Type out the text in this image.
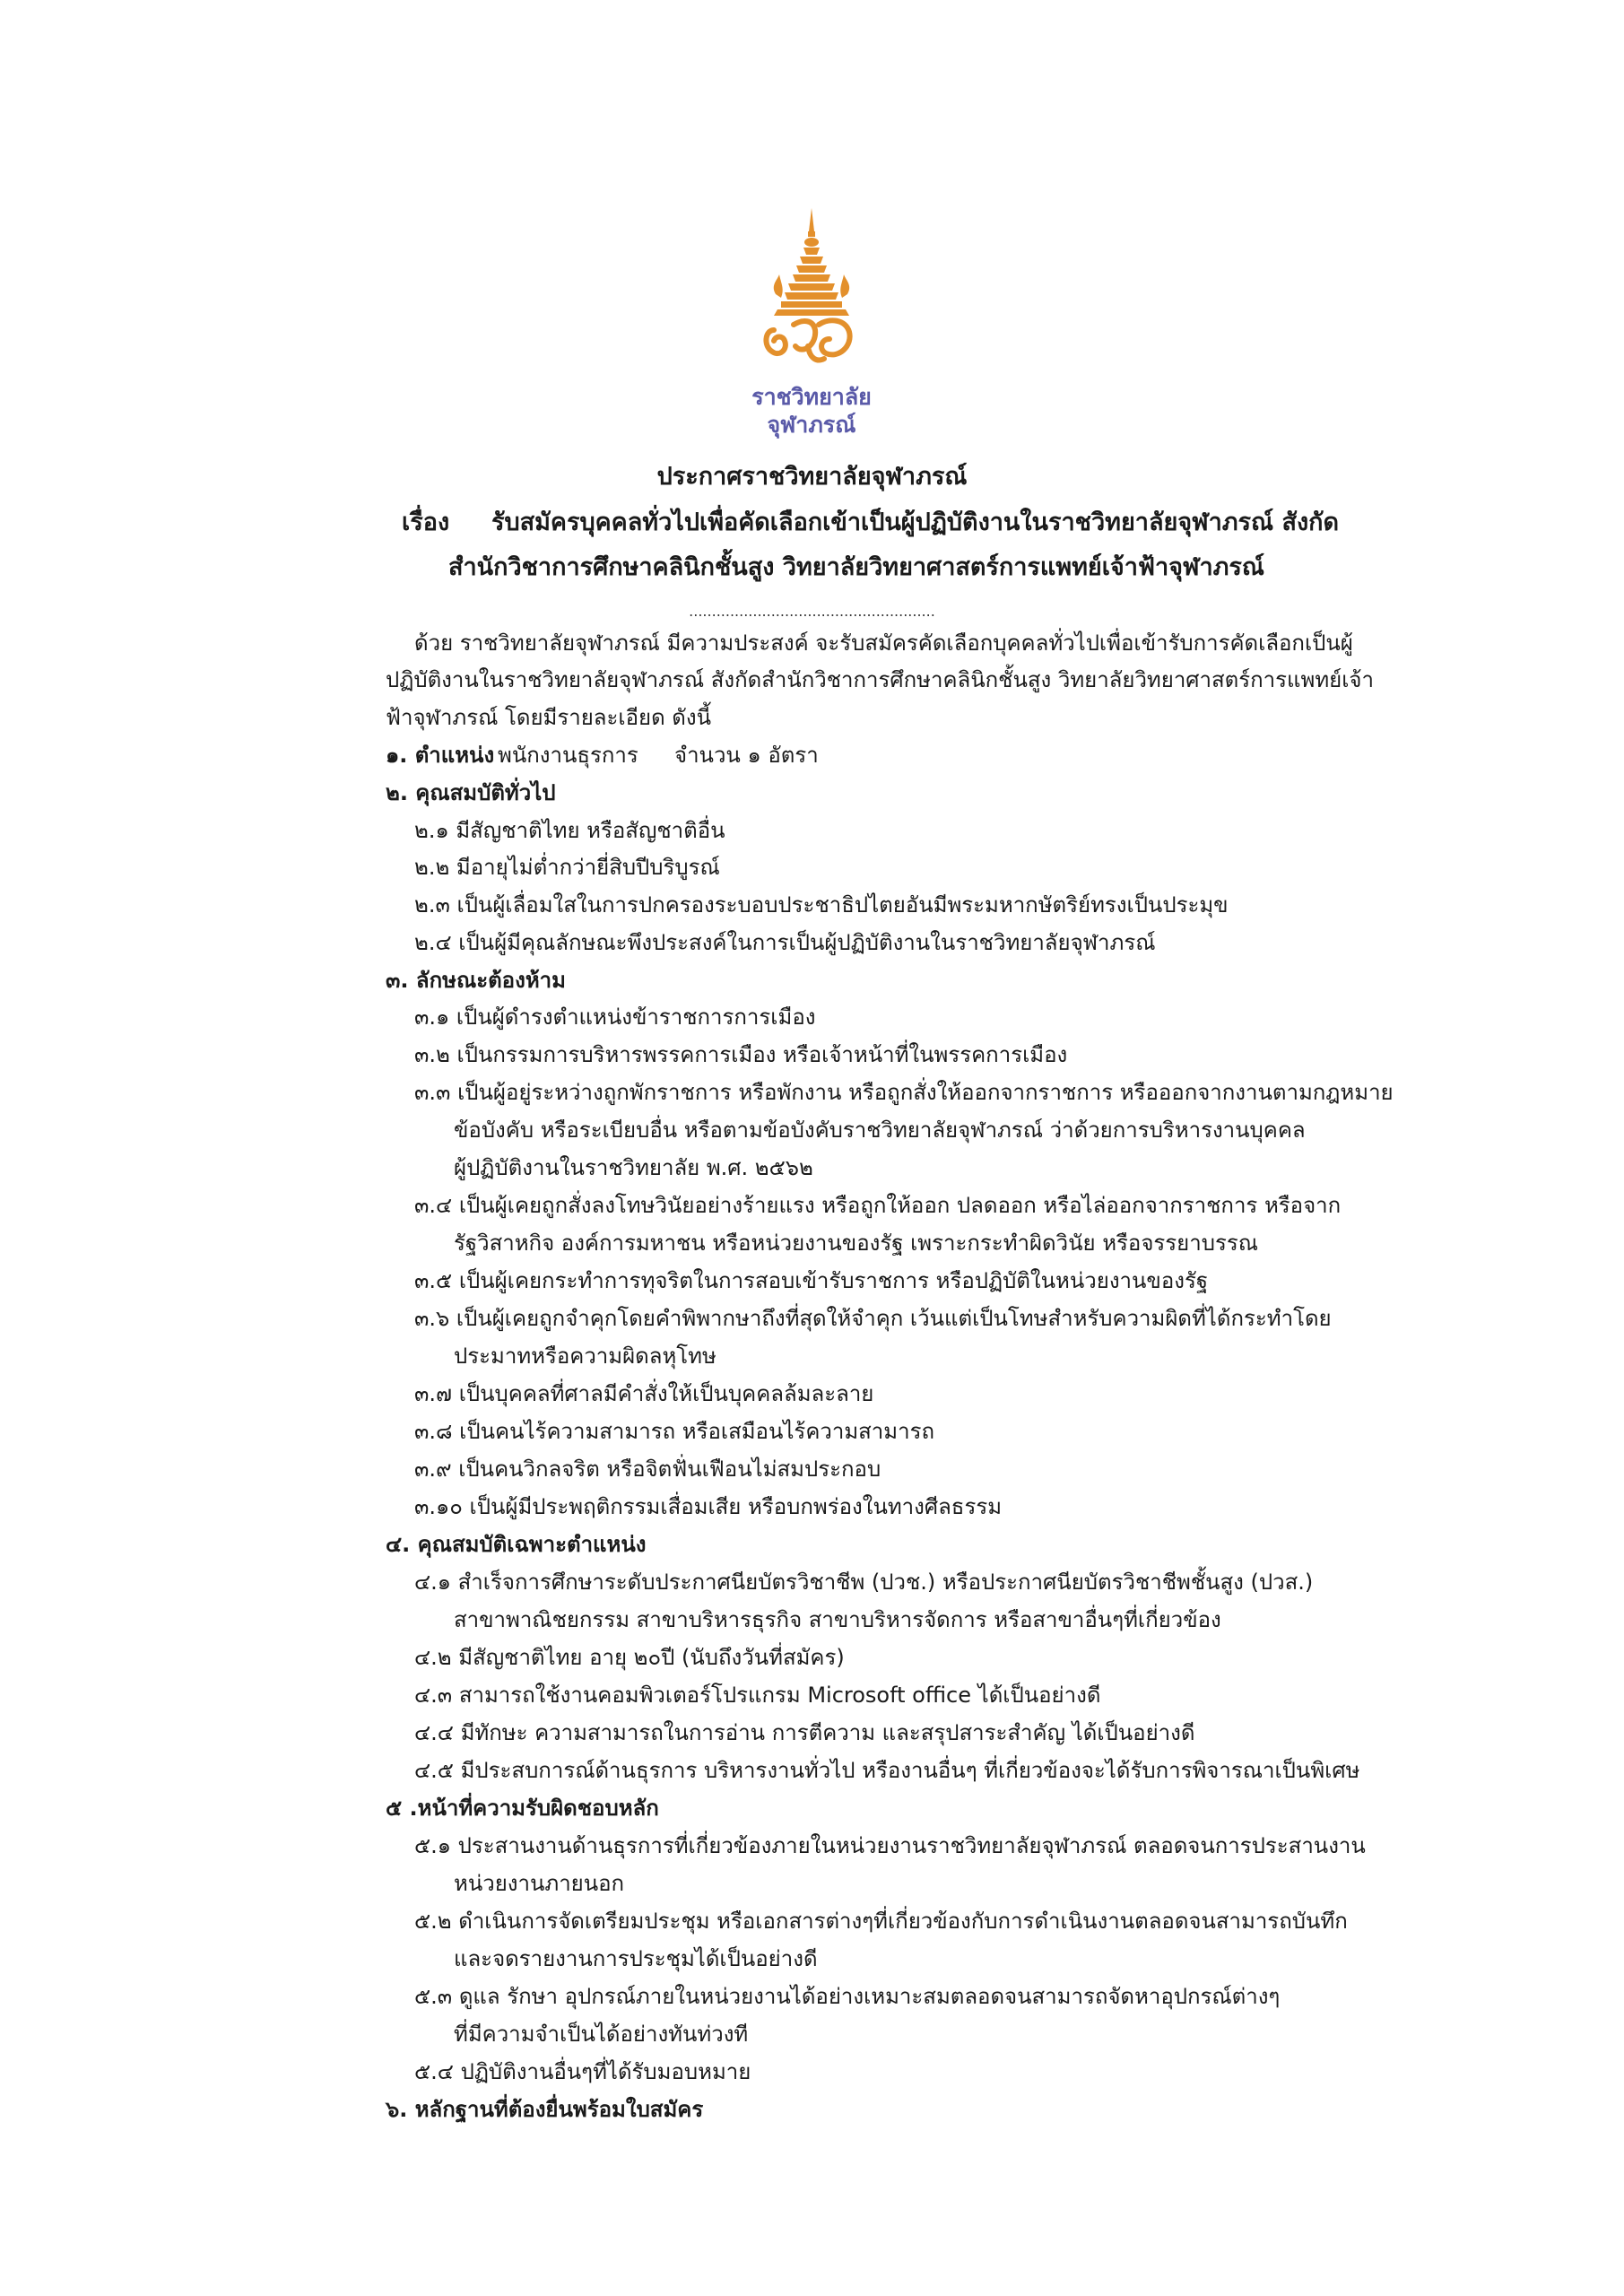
ราชวิทยาลัย
จุฬาภรณ์
ประกาศราชวิทยาลัยจุฬาภรณ์
เรื่อง รับสมัครบุคคลทั่วไปเพื่อคัดเลือกเข้าเป็นผู้ปฏิบัติงานในราชวิทยาลัยจุฬาภรณ์ สังกัด
สำนักวิชาการศึกษาคลินิกชั้นสูง วิทยาลัยวิทยาศาสตร์การแพทย์เจ้าฟ้าจุฬาภรณ์
......................................................
ด้วย ราชวิทยาลัยจุฬาภรณ์ มีความประสงค์ จะรับสมัครคัดเลือกบุคคลทั่วไปเพื่อเข้ารับการคัดเลือกเป็นผู้
ปฏิบัติงานในราชวิทยาลัยจุฬาภรณ์ สังกัดสำนักวิชาการศึกษาคลินิกชั้นสูง วิทยาลัยวิทยาศาสตร์การแพทย์เจ้า
ฟ้าจุฬาภรณ์ โดยมีรายละเอียด ดังนี้
๑. ตำแหน่ง พนักงานธุรการ จำนวน ๑ อัตรา
๒. คุณสมบัติทั่วไป
๒.๑ มีสัญชาติไทย หรือสัญชาติอื่น
๒.๒ มีอายุไม่ต่ำกว่ายี่สิบปีบริบูรณ์
๒.๓ เป็นผู้เลื่อมใสในการปกครองระบอบประชาธิปไตยอันมีพระมหากษัตริย์ทรงเป็นประมุข
๒.๔ เป็นผู้มีคุณลักษณะพึงประสงค์ในการเป็นผู้ปฏิบัติงานในราชวิทยาลัยจุฬาภรณ์
๓. ลักษณะต้องห้าม
๓.๑ เป็นผู้ดำรงตำแหน่งข้าราชการการเมือง
๓.๒ เป็นกรรมการบริหารพรรคการเมือง หรือเจ้าหน้าที่ในพรรคการเมือง
๓.๓ เป็นผู้อยู่ระหว่างถูกพักราชการ หรือพักงาน หรือถูกสั่งให้ออกจากราชการ หรือออกจากงานตามกฎหมาย
ข้อบังคับ หรือระเบียบอื่น หรือตามข้อบังคับราชวิทยาลัยจุฬาภรณ์ ว่าด้วยการบริหารงานบุคคล
ผู้ปฏิบัติงานในราชวิทยาลัย พ.ศ. ๒๕๖๒
๓.๔ เป็นผู้เคยถูกสั่งลงโทษวินัยอย่างร้ายแรง หรือถูกให้ออก ปลดออก หรือไล่ออกจากราชการ หรือจาก
รัฐวิสาหกิจ องค์การมหาชน หรือหน่วยงานของรัฐ เพราะกระทำผิดวินัย หรือจรรยาบรรณ
๓.๕ เป็นผู้เคยกระทำการทุจริตในการสอบเข้ารับราชการ หรือปฏิบัติในหน่วยงานของรัฐ
๓.๖ เป็นผู้เคยถูกจำคุกโดยคำพิพากษาถึงที่สุดให้จำคุก เว้นแต่เป็นโทษสำหรับความผิดที่ได้กระทำโดย
ประมาทหรือความผิดลหุโทษ
๓.๗ เป็นบุคคลที่ศาลมีคำสั่งให้เป็นบุคคลล้มละลาย
๓.๘ เป็นคนไร้ความสามารถ หรือเสมือนไร้ความสามารถ
๓.๙ เป็นคนวิกลจริต หรือจิตฟั่นเฟือนไม่สมประกอบ
๓.๑๐ เป็นผู้มีประพฤติกรรมเสื่อมเสีย หรือบกพร่องในทางศีลธรรม
๔. คุณสมบัติเฉพาะตำแหน่ง
๔.๑ สำเร็จการศึกษาระดับประกาศนียบัตรวิชาชีพ (ปวช.) หรือประกาศนียบัตรวิชาชีพชั้นสูง (ปวส.)
สาขาพาณิชยกรรม สาขาบริหารธุรกิจ สาขาบริหารจัดการ หรือสาขาอื่นๆที่เกี่ยวข้อง
๔.๒ มีสัญชาติไทย อายุ ๒๐ปี (นับถึงวันที่สมัคร)
๔.๓ สามารถใช้งานคอมพิวเตอร์โปรแกรม Microsoft office ได้เป็นอย่างดี
๔.๔ มีทักษะ ความสามารถในการอ่าน การตีความ และสรุปสาระสำคัญ ได้เป็นอย่างดี
๔.๕ มีประสบการณ์ด้านธุรการ บริหารงานทั่วไป หรืองานอื่นๆ ที่เกี่ยวข้องจะได้รับการพิจารณาเป็นพิเศษ
๕ .หน้าที่ความรับผิดชอบหลัก
๕.๑ ประสานงานด้านธุรการที่เกี่ยวข้องภายในหน่วยงานราชวิทยาลัยจุฬาภรณ์ ตลอดจนการประสานงาน
หน่วยงานภายนอก
๕.๒ ดำเนินการจัดเตรียมประชุม หรือเอกสารต่างๆที่เกี่ยวข้องกับการดำเนินงานตลอดจนสามารถบันทึก
และจดรายงานการประชุมได้เป็นอย่างดี
๕.๓ ดูแล รักษา อุปกรณ์ภายในหน่วยงานได้อย่างเหมาะสมตลอดจนสามารถจัดหาอุปกรณ์ต่างๆ
ที่มีความจำเป็นได้อย่างทันท่วงที
๕.๔ ปฏิบัติงานอื่นๆที่ได้รับมอบหมาย
๖. หลักฐานที่ต้องยื่นพร้อมใบสมัคร
